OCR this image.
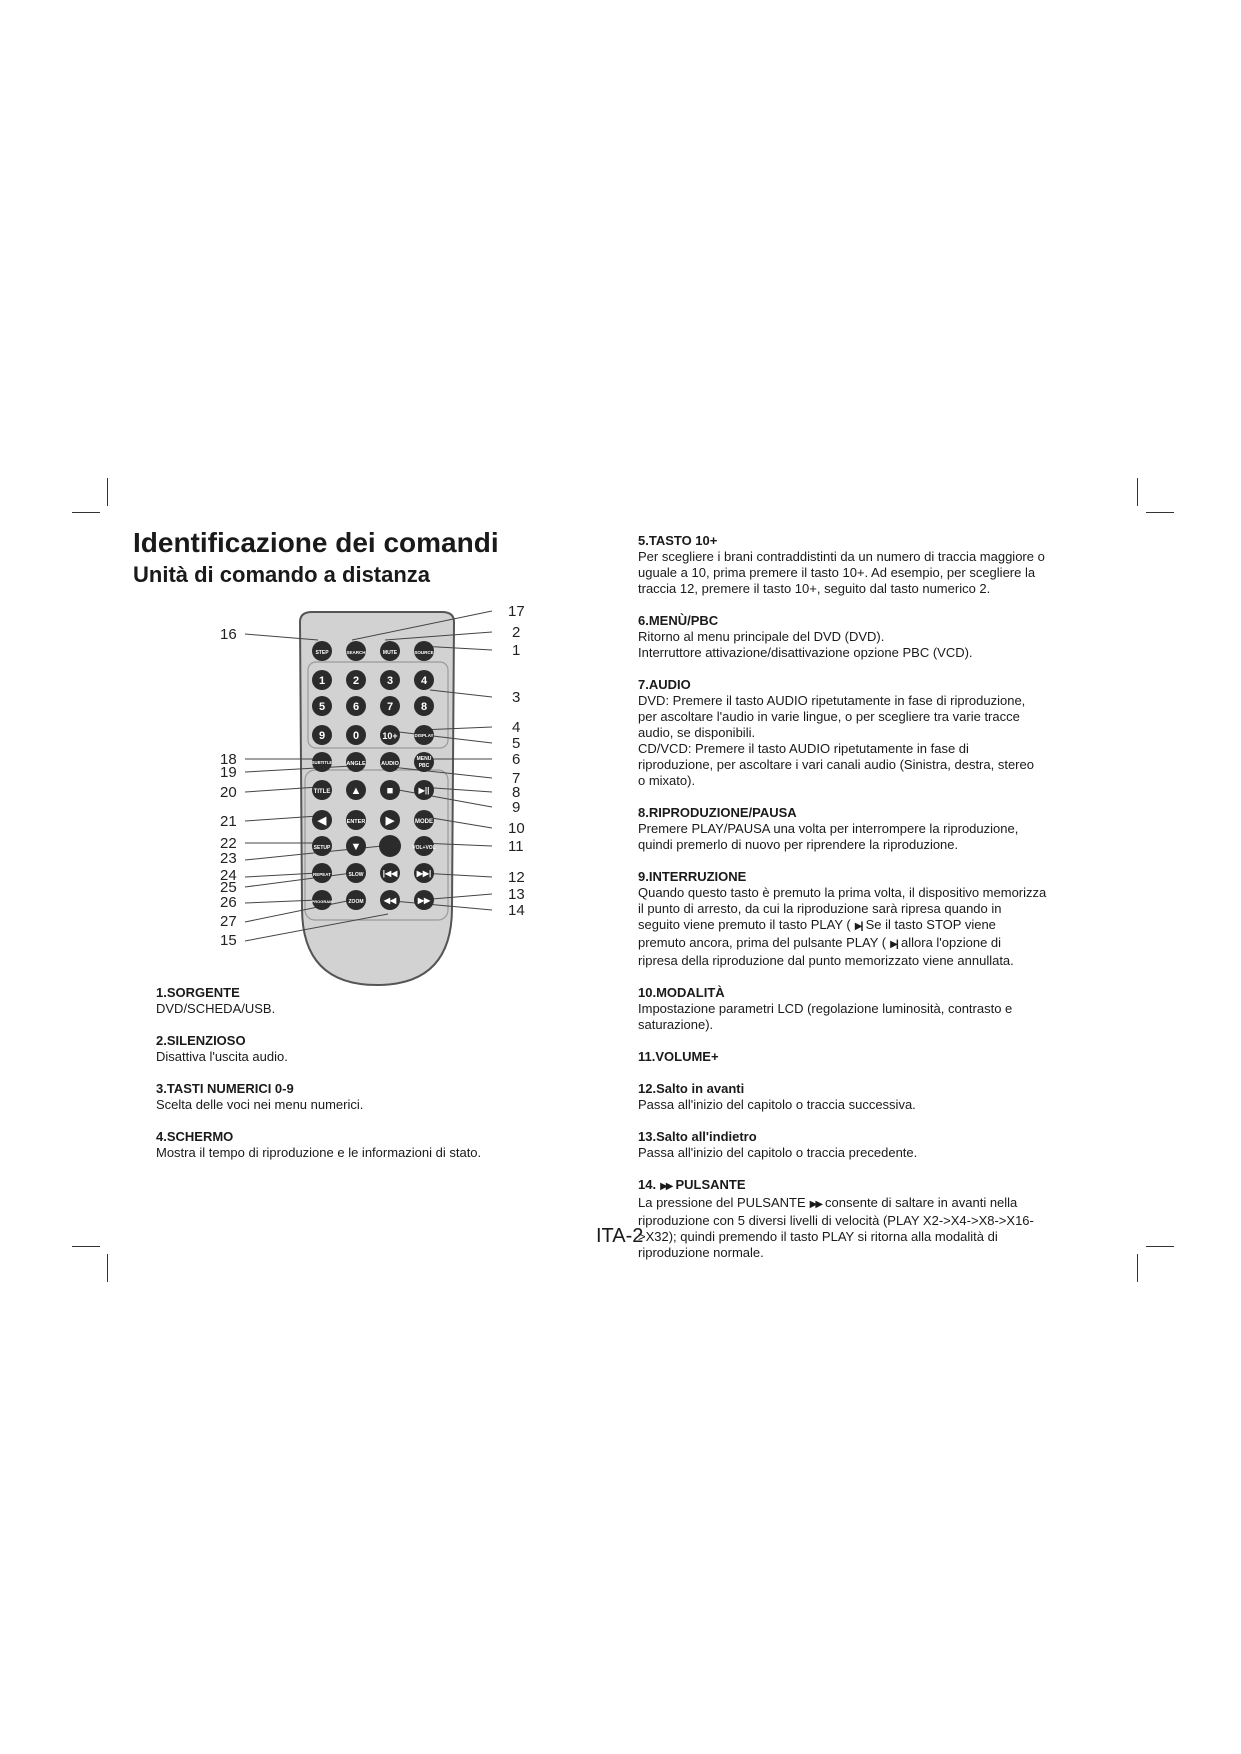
Identificazione dei comandi
Unità di comando a distanza
16
18
19
20
21
22
23
24
25
26
27
15
17
2
1
3
4
5
6
7
8
9
10
11
12
13
14
STEP	SEARCH	MUTE	SOURCE
1	2	3	4
5	6	7	8
9	0	10+	DISPLAY
SUBTITLE	ANGLE	AUDIO
MENU
PBC
TITLE ▲ ■	▶||
◀	ENTER ▶	MODE
SETUP ▼	VOL+VOL
REPEAT	SLOW |◀◀ ▶▶|
PROGRAM	ZOOM	◀◀	▶▶
1.SORGENTE
DVD/SCHEDA/USB.
2.SILENZIOSO
Disattiva l'uscita audio.
3.TASTI NUMERICI 0-9
Scelta delle voci nei menu numerici.
4.SCHERMO
Mostra il tempo di riproduzione e le informazioni di stato.
5.TASTO 10+
Per scegliere i brani contraddistinti da un numero di traccia maggiore o
uguale a 10, prima premere il tasto 10+. Ad esempio, per scegliere la
traccia 12, premere il tasto 10+, seguito dal tasto numerico 2.
6.MENÙ/PBC
Ritorno al menu principale del DVD (DVD).
Interruttore attivazione/disattivazione opzione PBC (VCD).
7.AUDIO
DVD: Premere il tasto AUDIO ripetutamente in fase di riproduzione,
per ascoltare l'audio in varie lingue, o per scegliere tra varie tracce
audio, se disponibili.
CD/VCD: Premere il tasto AUDIO ripetutamente in fase di
riproduzione, per ascoltare i vari canali audio (Sinistra, destra, stereo
o mixato).
8.RIPRODUZIONE/PAUSA
Premere PLAY/PAUSA una volta per interrompere la riproduzione,
quindi premerlo di nuovo per riprendere la riproduzione.
9.INTERRUZIONE
Quando questo tasto è premuto la prima volta, il dispositivo memorizza
il punto di arresto, da cui la riproduzione sarà ripresa quando in
seguito viene premuto il tasto PLAY ( ▶|| Se il tasto STOP viene
premuto ancora, prima del pulsante PLAY ( ▶|| allora l'opzione di
ripresa della riproduzione dal punto memorizzato viene annullata.
10.MODALITÀ
Impostazione parametri LCD (regolazione luminosità, contrasto e
saturazione).
11.VOLUME+
12.Salto in avanti
Passa all'inizio del capitolo o traccia successiva.
13.Salto all'indietro
Passa all'inizio del capitolo o traccia precedente.
14. ▶▶ PULSANTE
La pressione del PULSANTE ▶▶ consente di saltare in avanti nella
riproduzione con 5 diversi livelli di velocità (PLAY X2->X4->X8->X16-
>X32); quindi premendo il tasto PLAY si ritorna alla modalità di
riproduzione normale.
ITA-2
